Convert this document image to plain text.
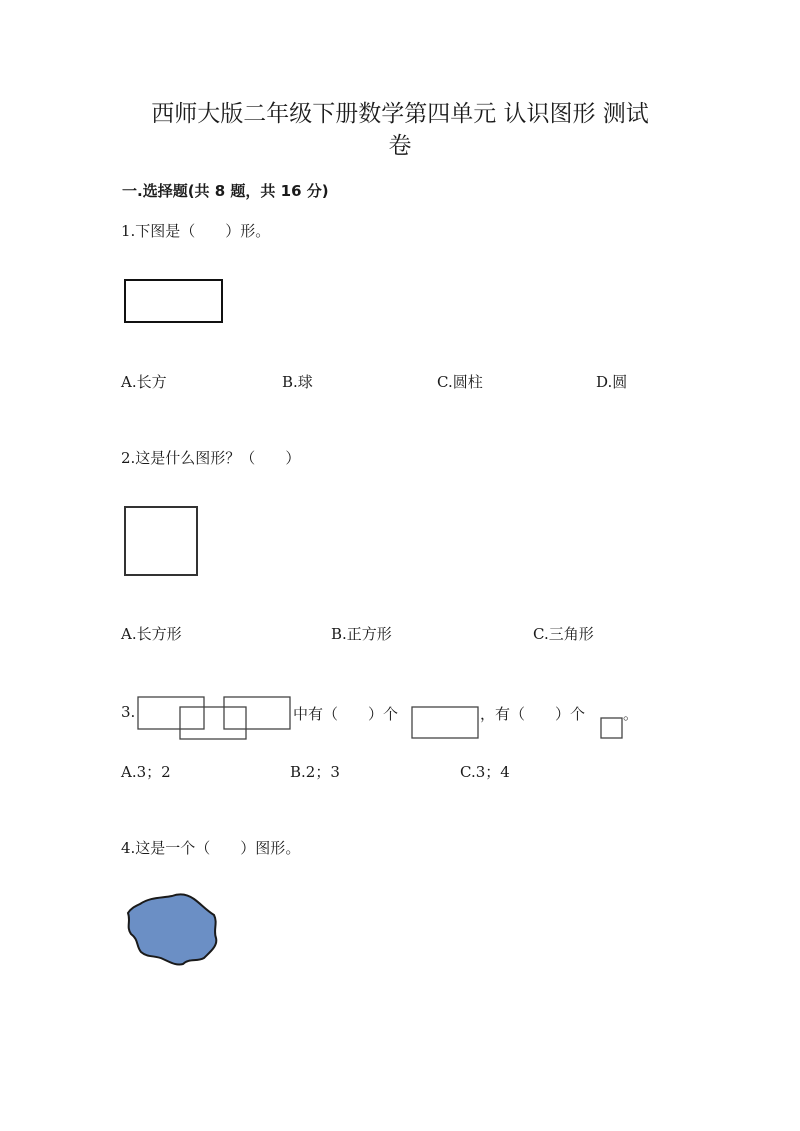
西师大版二年级下册数学第四单元 认识图形 测试
卷
一.选择题(共 8 题，共 16 分)
1.下图是（　　）形。
A.长方	B.球	C.圆柱	D.圆
2.这是什么图形？（　　）
A.长方形	B.正方形	C.三角形
3.	中有（　　）个	，有（　　）个	。
A.3；2	B.2；3	C.3；4
4.这是一个（　　）图形。
